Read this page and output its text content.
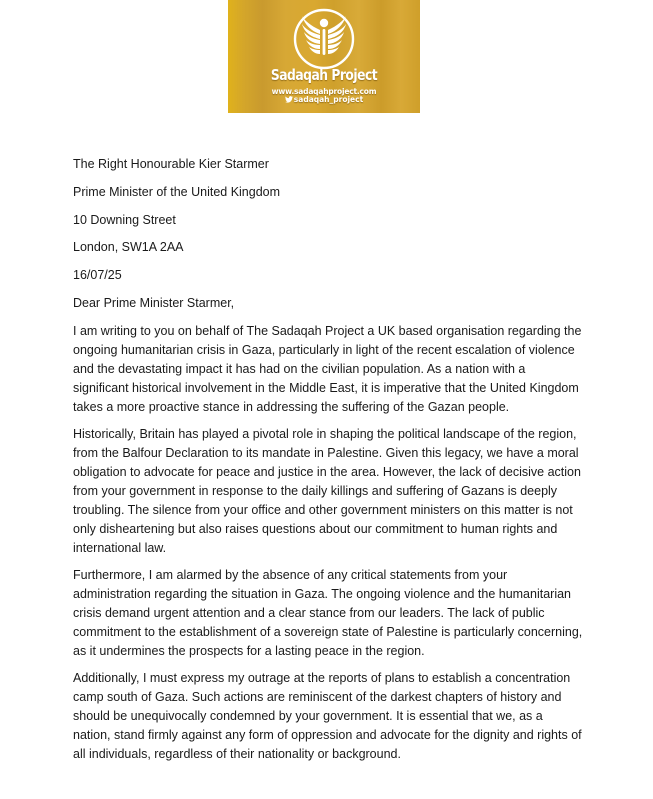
Sadaqah Project
www.sadaqahproject.com
sadaqah_project
The Right Honourable Kier Starmer
Prime Minister of the United Kingdom
10 Downing Street
London, SW1A 2AA
16/07/25
Dear Prime Minister Starmer,

I am writing to you on behalf of The Sadaqah Project a UK based organisation regarding the ongoing humanitarian crisis in Gaza, particularly in light of the recent escalation of violence and the devastating impact it has had on the civilian population. As a nation with a significant historical involvement in the Middle East, it is imperative that the United Kingdom takes a more proactive stance in addressing the suffering of the Gazan people.

Historically, Britain has played a pivotal role in shaping the political landscape of the region, from the Balfour Declaration to its mandate in Palestine. Given this legacy, we have a moral obligation to advocate for peace and justice in the area. However, the lack of decisive action from your government in response to the daily killings and suffering of Gazans is deeply troubling. The silence from your office and other government ministers on this matter is not only disheartening but also raises questions about our commitment to human rights and international law.

Furthermore, I am alarmed by the absence of any critical statements from your administration regarding the situation in Gaza. The ongoing violence and the humanitarian crisis demand urgent attention and a clear stance from our leaders. The lack of public commitment to the establishment of a sovereign state of Palestine is particularly concerning, as it undermines the prospects for a lasting peace in the region.

Additionally, I must express my outrage at the reports of plans to establish a concentration camp south of Gaza. Such actions are reminiscent of the darkest chapters of history and should be unequivocally condemned by your government. It is essential that we, as a nation, stand firmly against any form of oppression and advocate for the dignity and rights of all individuals, regardless of their nationality or background.
